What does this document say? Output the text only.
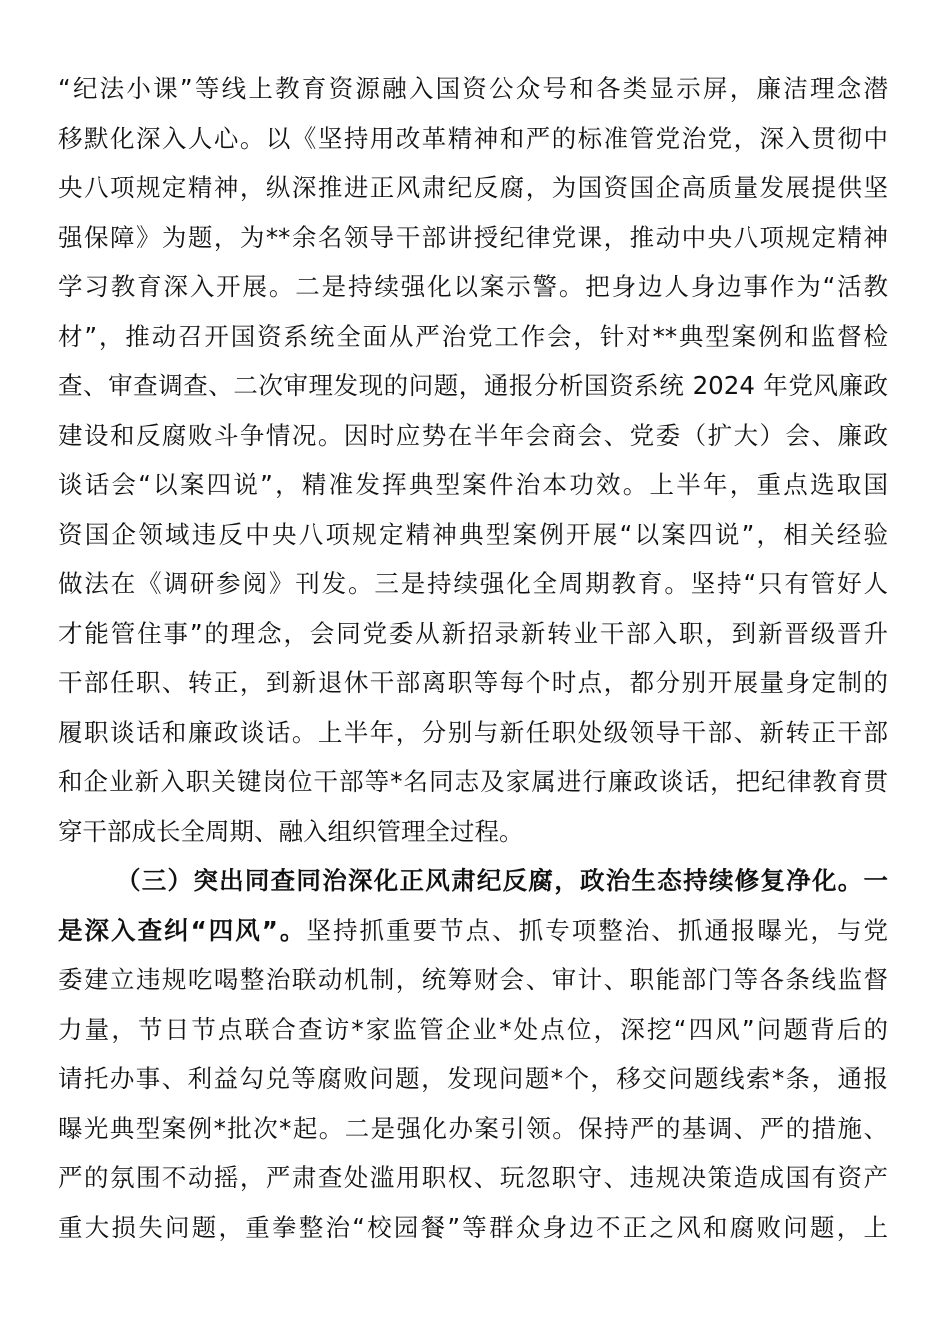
“纪法小课”等线上教育资源融入国资公众号和各类显示屏，廉洁理念潜
移默化深入人心。以《坚持用改革精神和严的标准管党治党，深入贯彻中
央八项规定精神，纵深推进正风肃纪反腐，为国资国企高质量发展提供坚
强保障》为题，为**余名领导干部讲授纪律党课，推动中央八项规定精神
学习教育深入开展。二是持续强化以案示警。把身边人身边事作为“活教
材”，推动召开国资系统全面从严治党工作会，针对**典型案例和监督检
查、审查调查、二次审理发现的问题，通报分析国资系统 2024 年党风廉政
建设和反腐败斗争情况。因时应势在半年会商会、党委（扩大）会、廉政
谈话会“以案四说”，精准发挥典型案件治本功效。上半年，重点选取国
资国企领域违反中央八项规定精神典型案例开展“以案四说”，相关经验
做法在《调研参阅》刊发。三是持续强化全周期教育。坚持“只有管好人
才能管住事”的理念，会同党委从新招录新转业干部入职，到新晋级晋升
干部任职、转正，到新退休干部离职等每个时点，都分别开展量身定制的
履职谈话和廉政谈话。上半年，分别与新任职处级领导干部、新转正干部
和企业新入职关键岗位干部等*名同志及家属进行廉政谈话，把纪律教育贯
穿干部成长全周期、融入组织管理全过程。
（三）突出同查同治深化正风肃纪反腐，政治生态持续修复净化。一
是深入查纠“四风”。坚持抓重要节点、抓专项整治、抓通报曝光，与党
委建立违规吃喝整治联动机制，统筹财会、审计、职能部门等各条线监督
力量，节日节点联合查访*家监管企业*处点位，深挖“四风”问题背后的
请托办事、利益勾兑等腐败问题，发现问题*个，移交问题线索*条，通报
曝光典型案例*批次*起。二是强化办案引领。保持严的基调、严的措施、
严的氛围不动摇，严肃查处滥用职权、玩忽职守、违规决策造成国有资产
重大损失问题，重拳整治“校园餐”等群众身边不正之风和腐败问题，上
